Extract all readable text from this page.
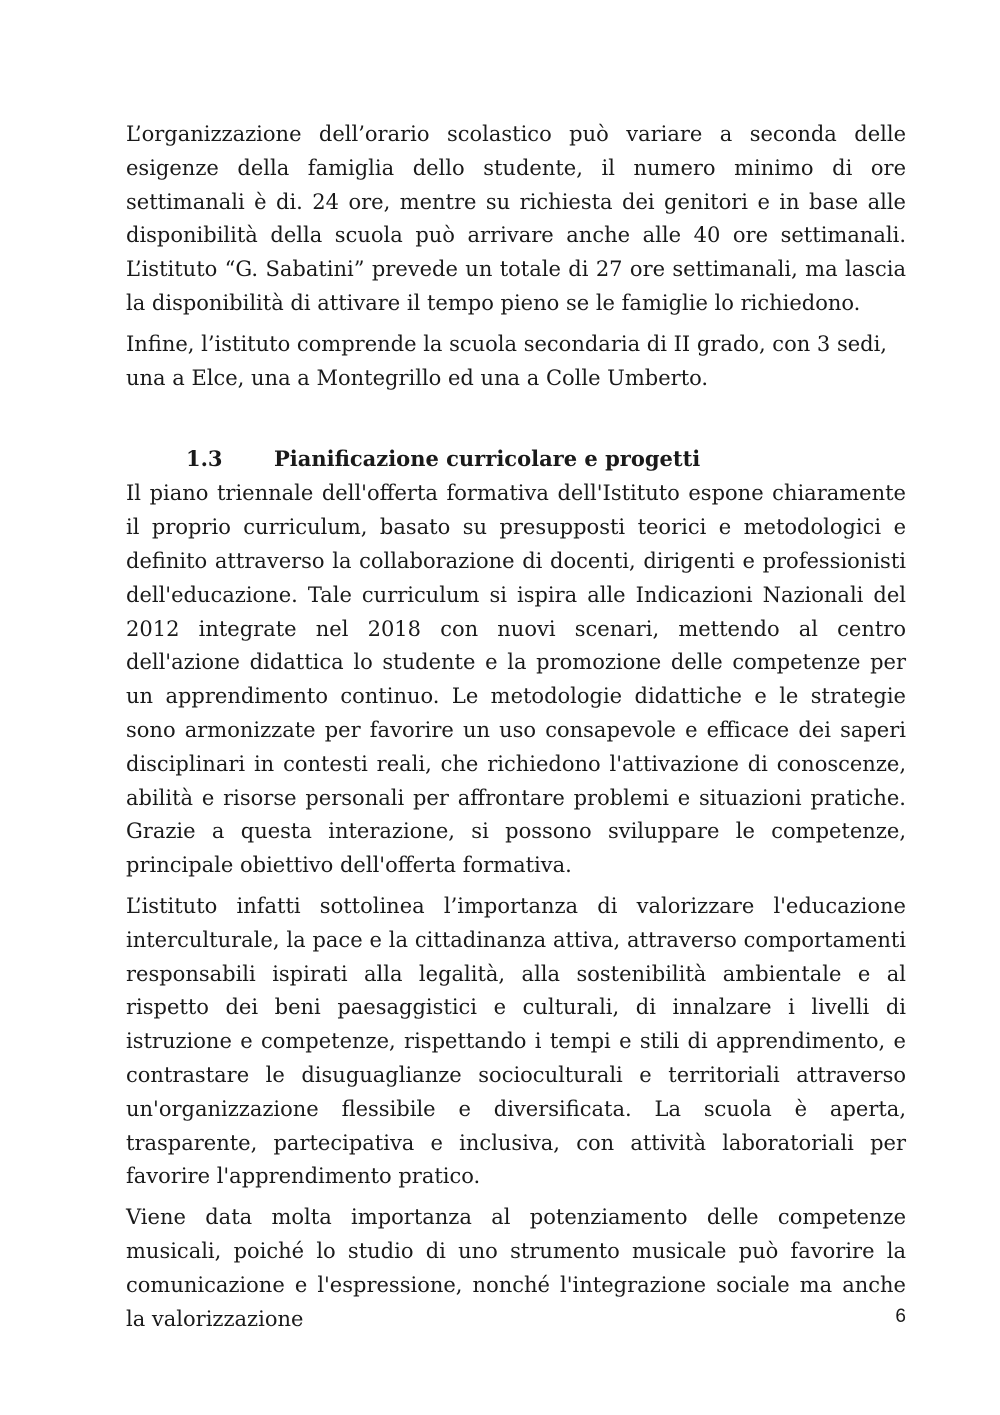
L’organizzazione dell’orario scolastico può variare a seconda delle esigenze della famiglia dello studente, il numero minimo di ore settimanali è di. 24 ore, mentre su richiesta dei genitori e in base alle disponibilità della scuola può arrivare anche alle 40 ore settimanali. L’istituto “G. Sabatini” prevede un totale di 27 ore settimanali, ma lascia la disponibilità di attivare il tempo pieno se le famiglie lo richiedono.

Infine, l’istituto comprende la scuola secondaria di II grado, con 3 sedi, una a Elce, una a Montegrillo ed una a Colle Umberto.

1.3	Pianificazione curricolare e progetti

Il piano triennale dell'offerta formativa dell'Istituto espone chiaramente il proprio curriculum, basato su presupposti teorici e metodologici e definito attraverso la collaborazione di docenti, dirigenti e professionisti dell'educazione. Tale curriculum si ispira alle Indicazioni Nazionali del 2012 integrate nel 2018 con nuovi scenari, mettendo al centro dell'azione didattica lo studente e la promozione delle competenze per un apprendimento continuo. Le metodologie didattiche e le strategie sono armonizzate per favorire un uso consapevole e efficace dei saperi disciplinari in contesti reali, che richiedono l'attivazione di conoscenze, abilità e risorse personali per affrontare problemi e situazioni pratiche. Grazie a questa interazione, si possono sviluppare le competenze, principale obiettivo dell'offerta formativa.

L’istituto infatti sottolinea l’importanza di valorizzare l'educazione interculturale, la pace e la cittadinanza attiva, attraverso comportamenti responsabili ispirati alla legalità, alla sostenibilità ambientale e al rispetto dei beni paesaggistici e culturali, di innalzare i livelli di istruzione e competenze, rispettando i tempi e stili di apprendimento, e contrastare le disuguaglianze socioculturali e territoriali attraverso un'organizzazione flessibile e diversificata. La scuola è aperta, trasparente, partecipativa e inclusiva, con attività laboratoriali per favorire l'apprendimento pratico.

Viene data molta importanza al potenziamento delle competenze musicali, poiché lo studio di uno strumento musicale può favorire la comunicazione e l'espressione, nonché l'integrazione sociale ma anche la valorizzazione	6
